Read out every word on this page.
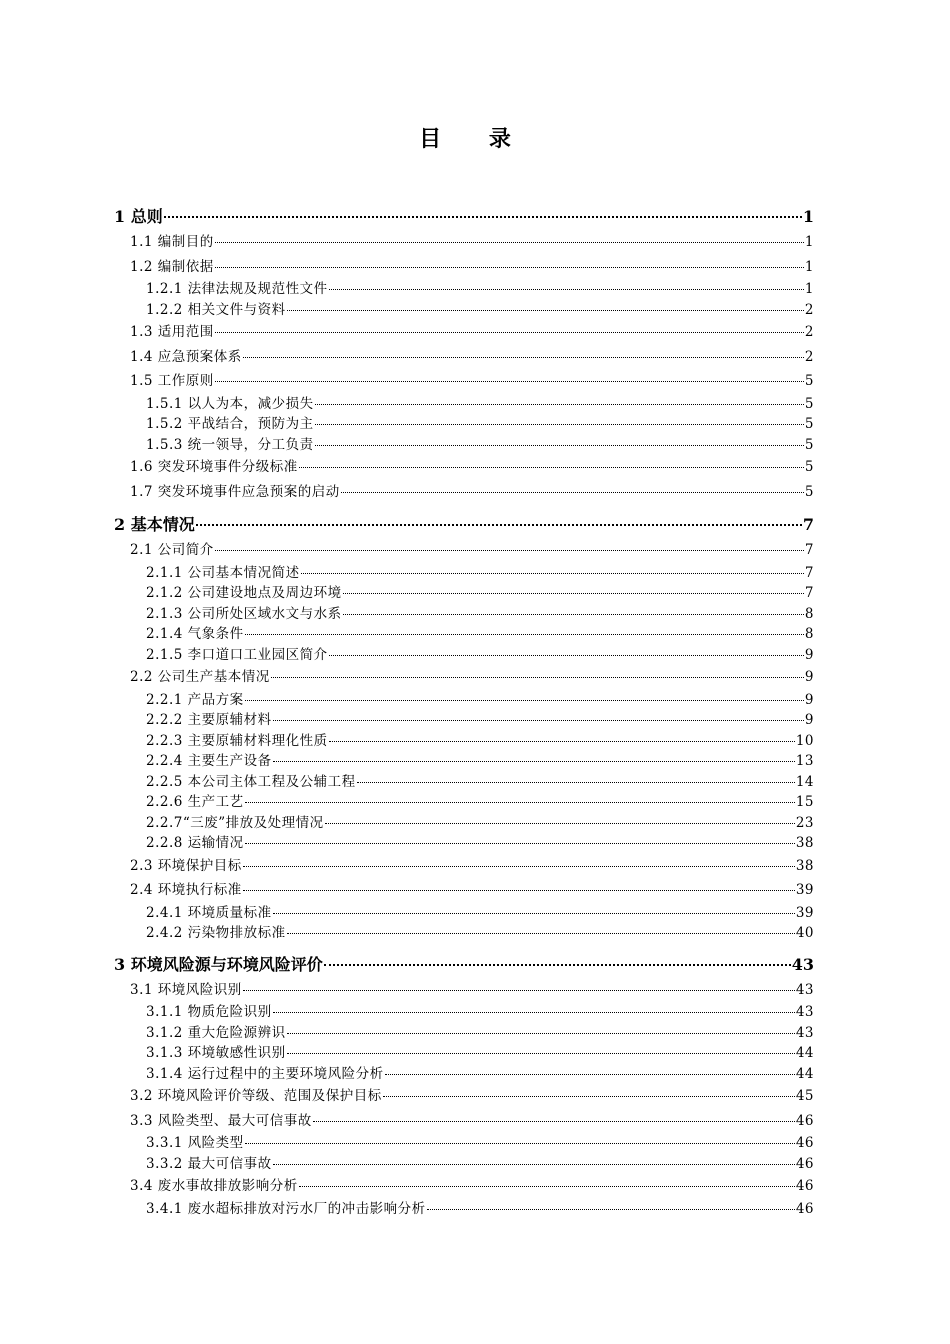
目 录
1 总则	1
1.1 编制目的	1
1.2 编制依据	1
1.2.1 法律法规及规范性文件	1
1.2.2 相关文件与资料	2
1.3 适用范围	2
1.4 应急预案体系	2
1.5 工作原则	5
1.5.1 以人为本，减少损失	5
1.5.2 平战结合，预防为主	5
1.5.3 统一领导，分工负责	5
1.6 突发环境事件分级标准	5
1.7 突发环境事件应急预案的启动	5
2 基本情况	7
2.1 公司简介	7
2.1.1 公司基本情况简述	7
2.1.2 公司建设地点及周边环境	7
2.1.3 公司所处区域水文与水系	8
2.1.4 气象条件	8
2.1.5 李口道口工业园区简介	9
2.2 公司生产基本情况	9
2.2.1 产品方案	9
2.2.2 主要原辅材料	9
2.2.3 主要原辅材料理化性质	10
2.2.4 主要生产设备	13
2.2.5 本公司主体工程及公辅工程	14
2.2.6 生产工艺	15
2.2.7“三废”排放及处理情况	23
2.2.8 运输情况	38
2.3 环境保护目标	38
2.4 环境执行标准	39
2.4.1 环境质量标准	39
2.4.2 污染物排放标准	40
3 环境风险源与环境风险评价	43
3.1 环境风险识别	43
3.1.1 物质危险识别	43
3.1.2 重大危险源辨识	43
3.1.3 环境敏感性识别	44
3.1.4 运行过程中的主要环境风险分析	44
3.2 环境风险评价等级、范围及保护目标	45
3.3 风险类型、最大可信事故	46
3.3.1 风险类型	46
3.3.2 最大可信事故	46
3.4 废水事故排放影响分析	46
3.4.1 废水超标排放对污水厂的冲击影响分析	46
